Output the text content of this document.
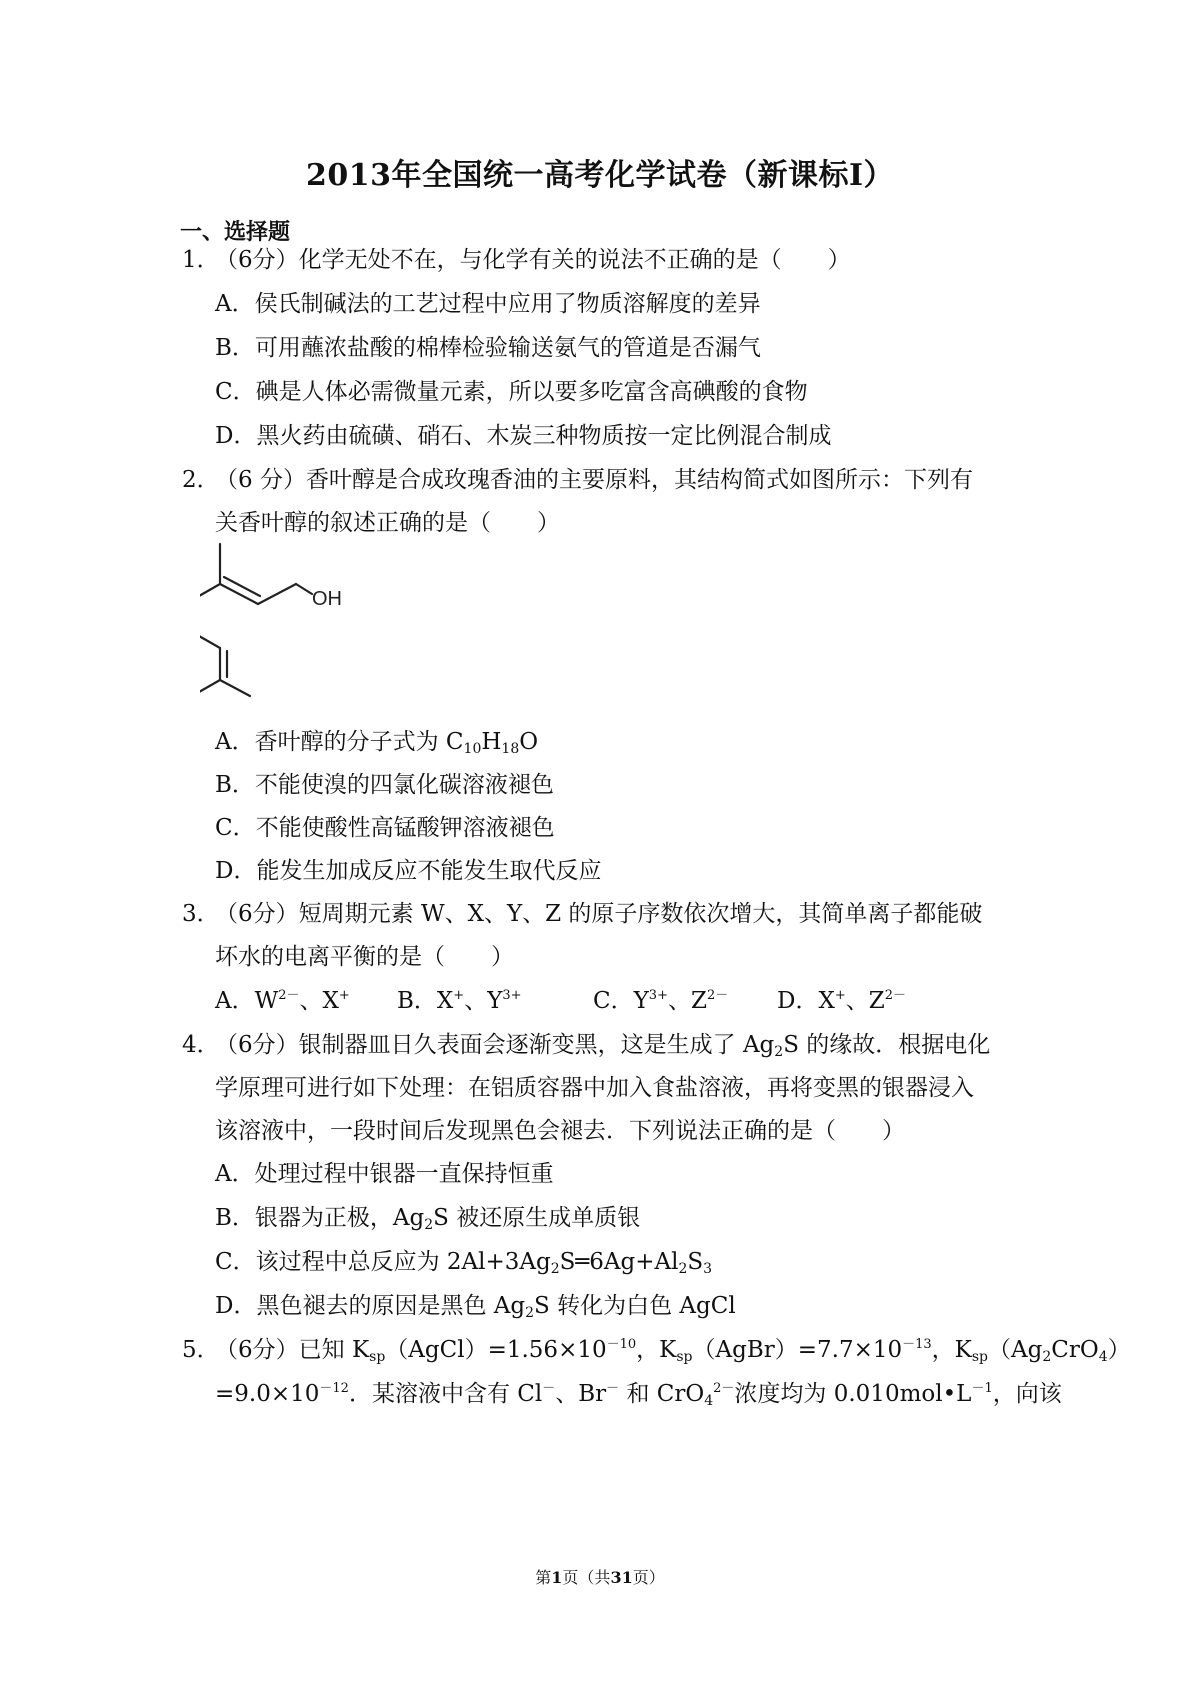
2013年全国统一高考化学试卷（新课标Ⅰ）
一、选择题
1．（6分）化学无处不在，与化学有关的说法不正确的是（　　）
A．侯氏制碱法的工艺过程中应用了物质溶解度的差异
B．可用蘸浓盐酸的棉棒检验输送氨气的管道是否漏气
C．碘是人体必需微量元素，所以要多吃富含高碘酸的食物
D．黑火药由硫磺、硝石、木炭三种物质按一定比例混合制成
2．（6 分）香叶醇是合成玫瑰香油的主要原料，其结构简式如图所示：下列有
关香叶醇的叙述正确的是（　　）
OH
A．香叶醇的分子式为 $C_{10}H_{18}O$
B．不能使溴的四氯化碳溶液褪色
C．不能使酸性高锰酸钾溶液褪色
D．能发生加成反应不能发生取代反应
3．（6分）短周期元素 W、X、Y、Z 的原子序数依次增大，其简单离子都能破
坏水的电离平衡的是（　　）
A．$W^{2-}$、X+ B．X+、$Y^{3+}$	C．$Y^{3+}$、$Z^{2-}$ D．X+、$Z^{2-}$
4．（6分）银制器皿日久表面会逐渐变黑，这是生成了 $Ag_2S$ 的缘故．根据电化
学原理可进行如下处理：在铝质容器中加入食盐溶液，再将变黑的银器浸入
该溶液中，一段时间后发现黑色会褪去．下列说法正确的是（　　）
A．处理过程中银器一直保持恒重
B．银器为正极，$Ag_2S$ 被还原生成单质银
C．该过程中总反应为 $2Al+3Ag_2S═6Ag+Al_2S_3$
D．黑色褪去的原因是黑色 $Ag_2S$ 转化为白色 AgCl
5．（6分）已知 $K_{sp}(AgCl)=1.56\times 10^{-10}$，$K_{sp}(AgBr)=7.7\times 10^{-13}$，$K_{sp}(Ag_2CrO_4)$
$=9.0\times 10^{-12}$．某溶液中含有 Cl－、Br－ 和 CrO$_4^{2-}$浓度均为 $0.010mol•L^{-1}$，向该
第1页（共31页）
